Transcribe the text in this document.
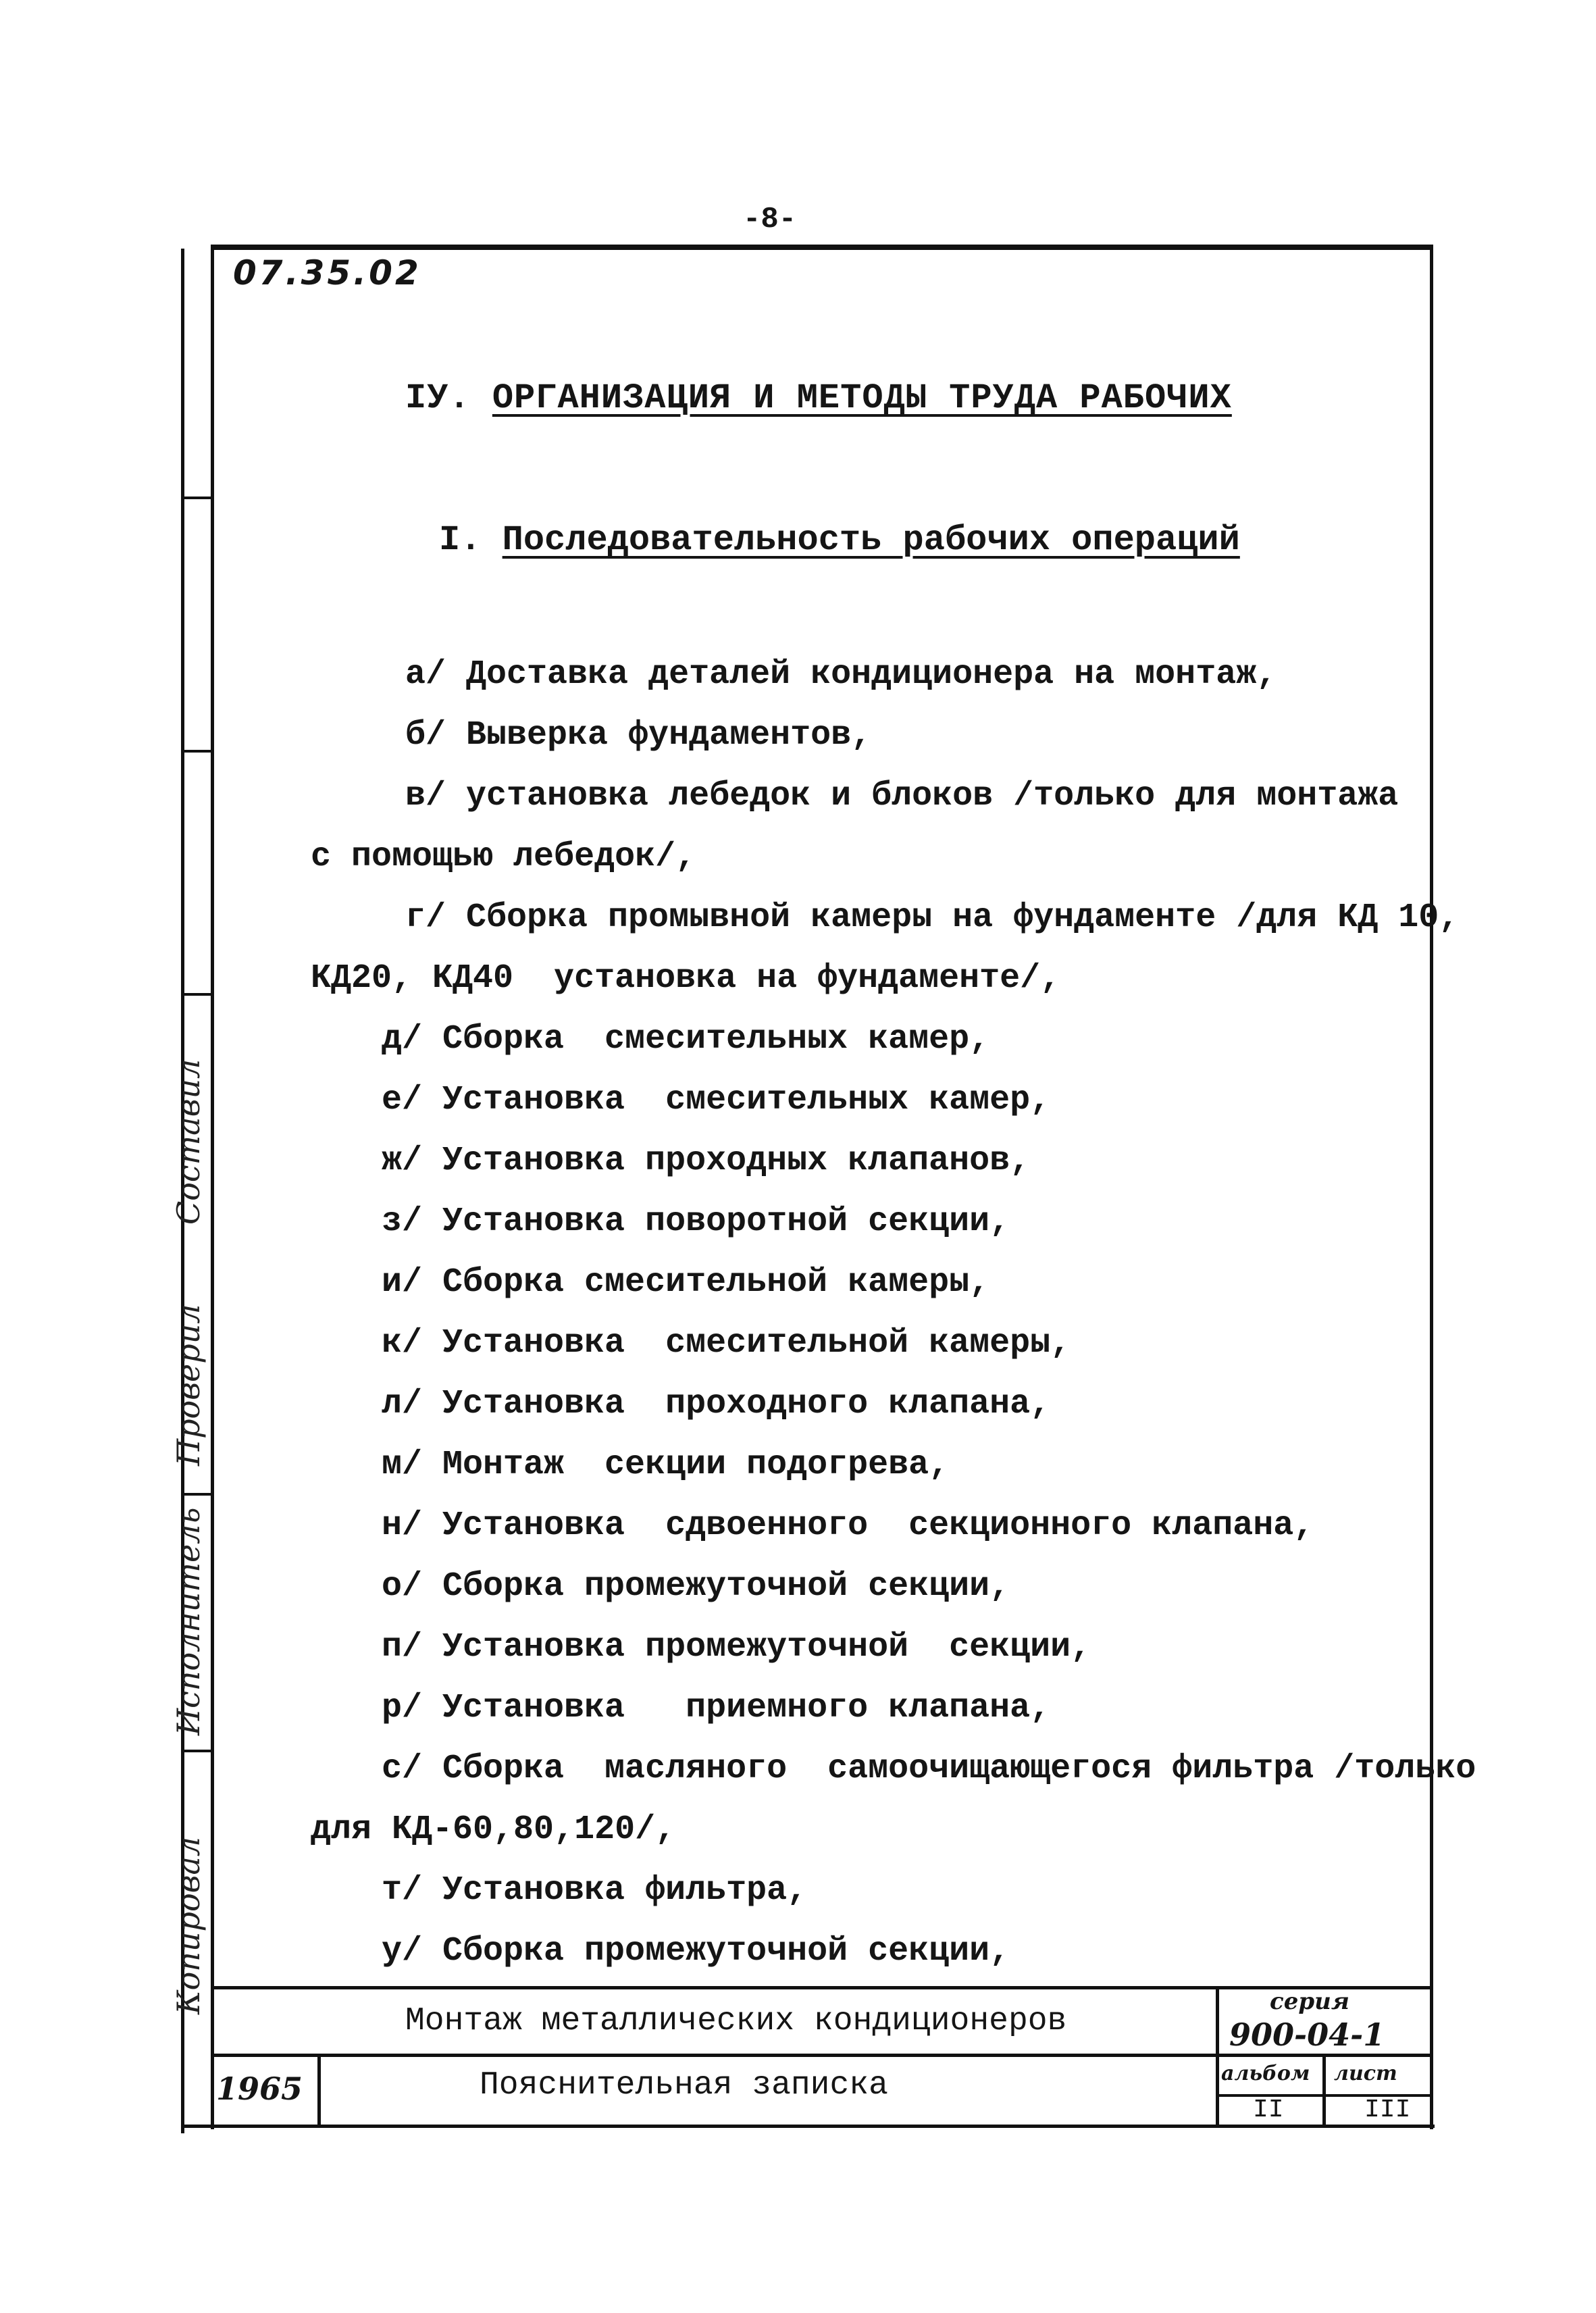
-8-
Составил
Проверил
Исполнитель
Копировал
07.35.02
IУ. ОРГАНИЗАЦИЯ И МЕТОДЫ ТРУДА РАБОЧИХ
I. Последовательность рабочих операций
а/ Доставка деталей кондиционера на монтаж,
б/ Выверка фундаментов,
в/ установка лебедок и блоков /только для монтажа
с помощью лебедок/,
г/ Сборка промывной камеры на фундаменте /для КД 10,
КД20, КД40  установка на фундаменте/,
д/ Сборка  смесительных камер,
е/ Установка  смесительных камер,
ж/ Установка проходных клапанов,
з/ Установка поворотной секции,
и/ Сборка смесительной камеры,
к/ Установка  смесительной камеры,
л/ Установка  проходного клапана,
м/ Монтаж  секции подогрева,
н/ Установка  сдвоенного  секционного клапана,
о/ Сборка промежуточной секции,
п/ Установка промежуточной  секции,
р/ Установка   приемного клапана,
с/ Сборка  масляного  самоочищающегося фильтра /только
для КД-60,80,120/,
т/ Установка фильтра,
у/ Сборка промежуточной секции,
Монтаж металлических кондиционеров
Пояснительная записка
1965
серия
900-04-1
альбом
II
лист
III
